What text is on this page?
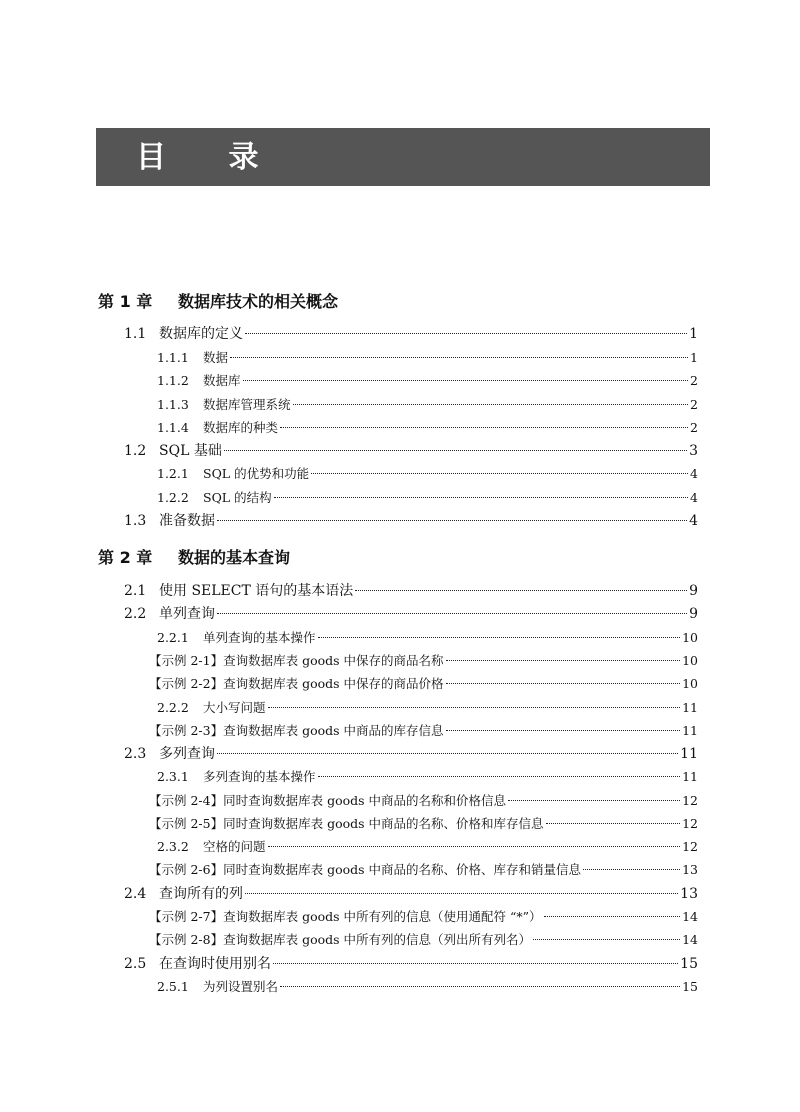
目 录
第 1 章 数据库技术的相关概念
1.1 数据库的定义	1
1.1.1	数据	1
1.1.2	数据库	2
1.1.3	数据库管理系统	2
1.1.4	数据库的种类	2
1.2 SQL 基础	3
1.2.1	SQL 的优势和功能	4
1.2.2	SQL 的结构	4
1.3 准备数据	4
第 2 章 数据的基本查询
2.1 使用 SELECT 语句的基本语法	9
2.2 单列查询	9
2.2.1	单列查询的基本操作	10
【示例 2-1】 查询数据库表 goods 中保存的商品名称	10
【示例 2-2】 查询数据库表 goods 中保存的商品价格	10
2.2.2	大小写问题	11
【示例 2-3】 查询数据库表 goods 中商品的库存信息	11
2.3 多列查询	11
2.3.1	多列查询的基本操作	11
【示例 2-4】 同时查询数据库表 goods 中商品的名称和价格信息	12
【示例 2-5】 同时查询数据库表 goods 中商品的名称、价格和库存信息	12
2.3.2	空格的问题	12
【示例 2-6】 同时查询数据库表 goods 中商品的名称、价格、库存和销量信息	13
2.4 查询所有的列	13
【示例 2-7】 查询数据库表 goods 中所有列的信息（使用通配符 “*”）	14
【示例 2-8】 查询数据库表 goods 中所有列的信息（列出所有列名）	14
2.5 在查询时使用别名	15
2.5.1	为列设置别名	15
